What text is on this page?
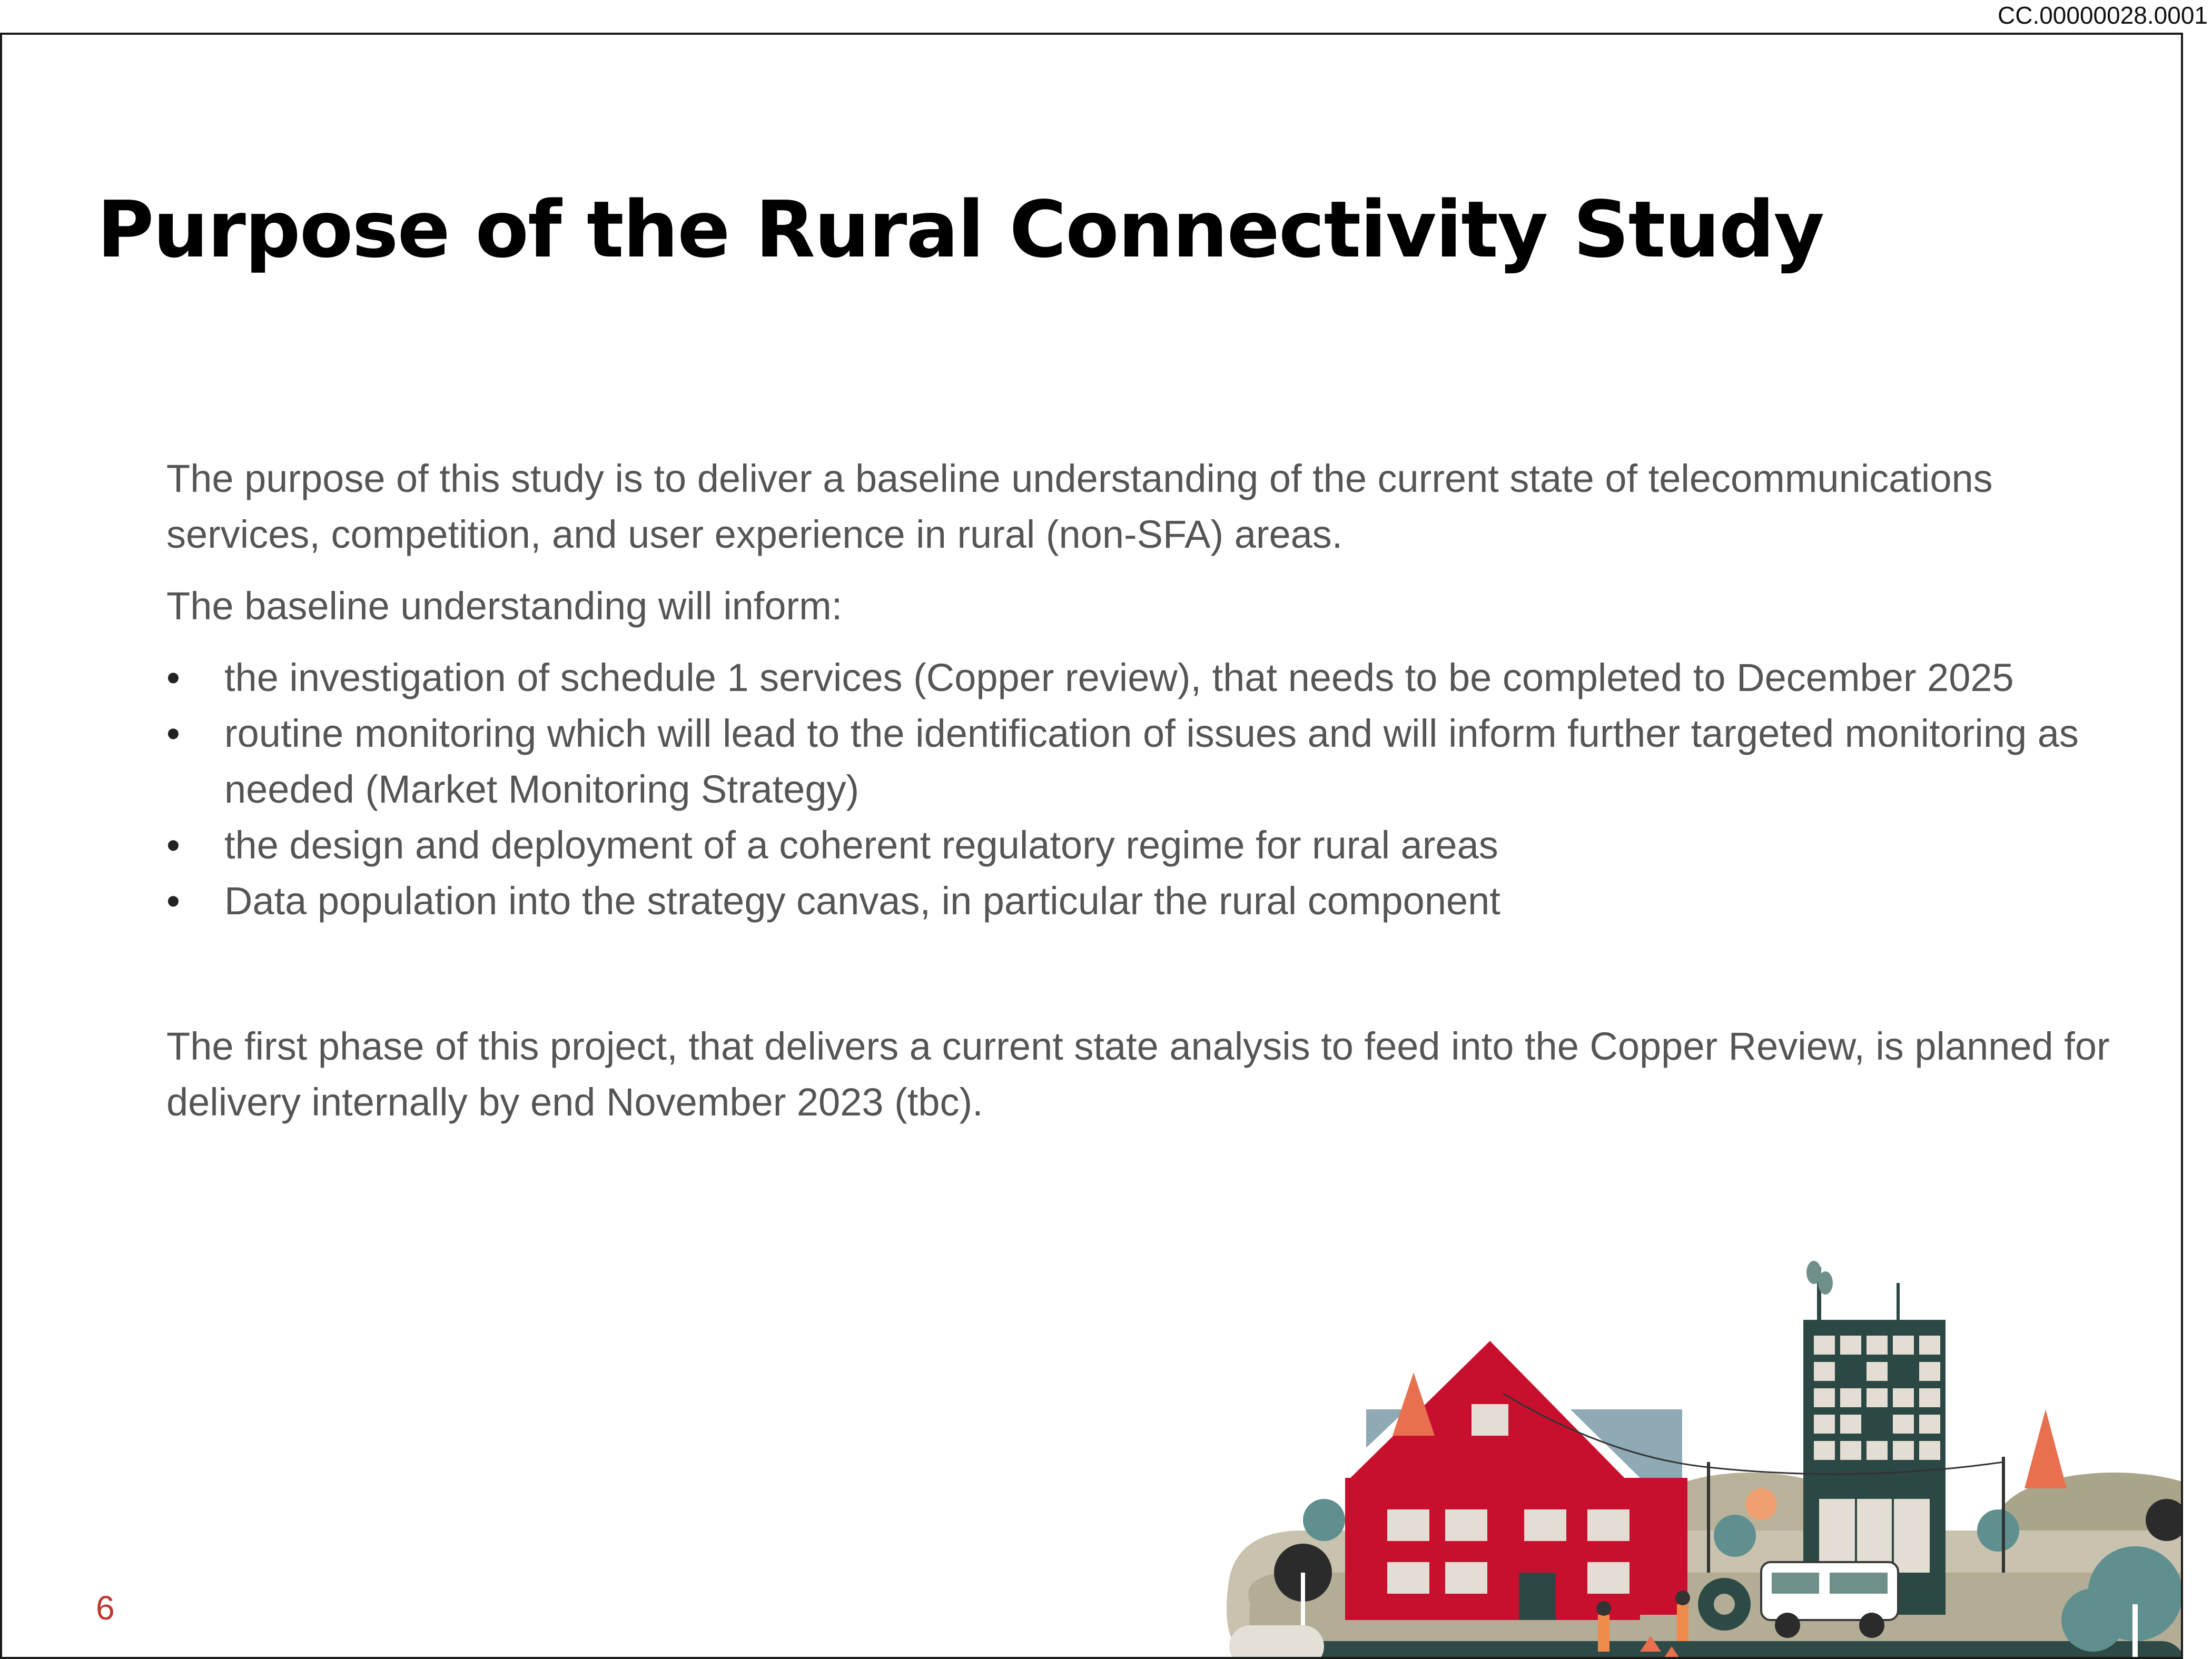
CC.00000028.0001
Purpose of the Rural Connectivity Study

The purpose of this study is to deliver a baseline understanding of the current state of telecommunications services, competition, and user experience in rural (non-SFA) areas.

The baseline understanding will inform:

•	the investigation of schedule 1 services (Copper review), that needs to be completed to December 2025
•	routine monitoring which will lead to the identification of issues and will inform further targeted monitoring as needed (Market Monitoring Strategy)
•	the design and deployment of a coherent regulatory regime for rural areas
•	Data population into the strategy canvas, in particular the rural component

The first phase of this project, that delivers a current state analysis to feed into the Copper Review, is planned for delivery internally by end November 2023 (tbc).

6
